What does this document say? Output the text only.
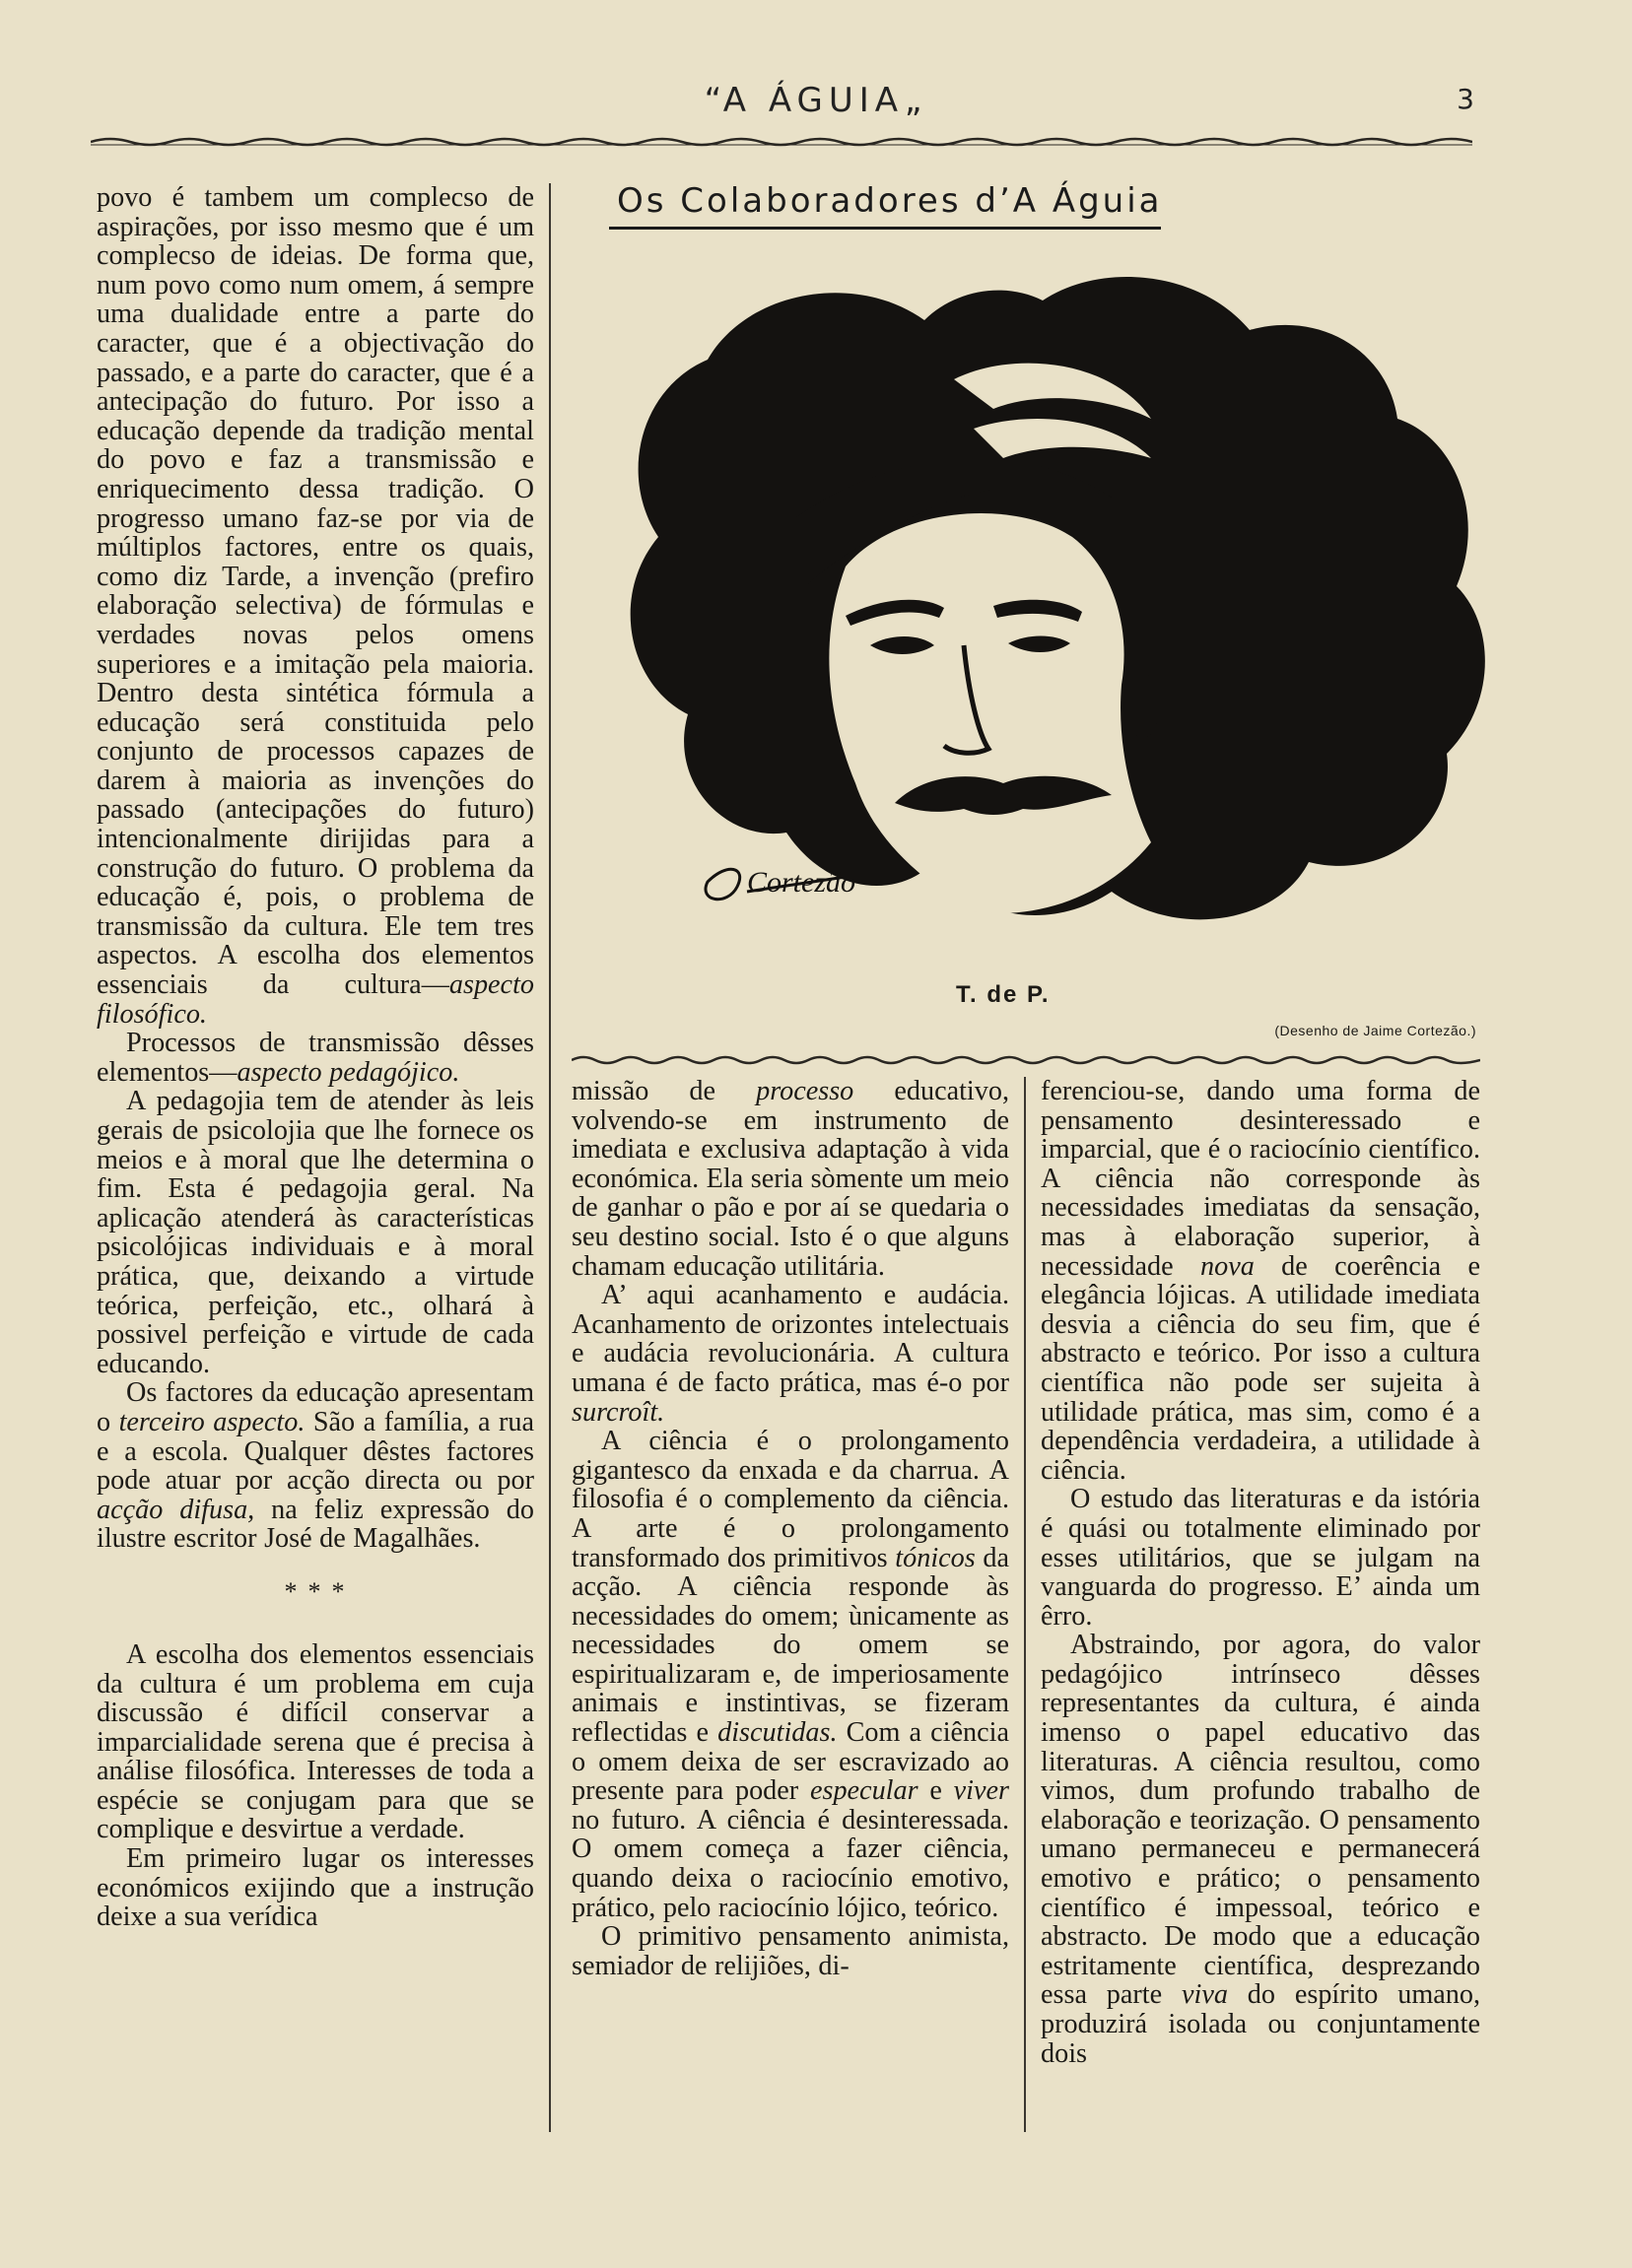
“A ÁGUIA„	3

povo é tambem um complecso de aspirações, por isso mesmo que é um complecso de ideias. De forma que, num povo como num omem, á sempre uma dualidade entre a parte do caracter, que é a objectivação do passado, e a parte do caracter, que é a antecipação do futuro. Por isso a educação depende da tradição mental do povo e faz a transmissão e enriquecimento dessa tradição. O progresso umano faz-se por via de múltiplos factores, entre os quais, como diz Tarde, a invenção (prefiro elaboração selectiva) de fórmulas e verdades novas pelos omens superiores e a imitação pela maioria. Dentro desta sintética fórmula a educação será constituida pelo conjunto de processos capazes de darem à maioria as invenções do passado (antecipações do futuro) intencionalmente dirijidas para a construção do futuro. O problema da educação é, pois, o problema de transmissão da cultura. Ele tem tres aspectos. A escolha dos elementos essenciais da cultura—aspecto filosófico.

Processos de transmissão dêsses elementos—aspecto pedagójico.

A pedagojia tem de atender às leis gerais de psicolojia que lhe fornece os meios e à moral que lhe determina o fim. Esta é pedagojia geral. Na aplicação atenderá às características psicolójicas individuais e à moral prática, que, deixando a virtude teórica, perfeição, etc., olhará à possivel perfeição e virtude de cada educando.

Os factores da educação apresentam o terceiro aspecto. São a família, a rua e a escola. Qualquer dêstes factores pode atuar por acção directa ou por acção difusa, na feliz expressão do ilustre escritor José de Magalhães.

* * *

A escolha dos elementos essenciais da cultura é um problema em cuja discussão é difícil conservar a imparcialidade serena que é precisa à análise filosófica. Interesses de toda a espécie se conjugam para que se complique e desvirtue a verdade.

Em primeiro lugar os interesses económicos exijindo que a instrução deixe a sua verídica

Os Colaboradores d’A Águia
Cortezão
T. de P.
(Desenho de Jaime Cortezão.)

missão de processo educativo, volvendo-se em instrumento de imediata e exclusiva adaptação à vida económica. Ela seria sòmente um meio de ganhar o pão e por aí se quedaria o seu destino social. Isto é o que alguns chamam educação utilitária.

A’ aqui acanhamento e audácia. Acanhamento de orizontes intelectuais e audácia revolucionária. A cultura umana é de facto prática, mas é-o por surcroît.

A ciência é o prolongamento gigantesco da enxada e da charrua. A filosofia é o complemento da ciência. A arte é o prolongamento transformado dos primitivos tónicos da acção. A ciência responde às necessidades do omem; ùnicamente as necessidades do omem se espiritualizaram e, de imperiosamente animais e instintivas, se fizeram reflectidas e discutidas. Com a ciência o omem deixa de ser escravizado ao presente para poder especular e viver no futuro. A ciência é desinteressada. O omem começa a fazer ciência, quando deixa o raciocínio emotivo, prático, pelo raciocínio lójico, teórico.

O primitivo pensamento animista, semiador de relijiões, di-

ferenciou-se, dando uma forma de pensamento desinteressado e imparcial, que é o raciocínio científico. A ciência não corresponde às necessidades imediatas da sensação, mas à elaboração superior, à necessidade nova de coerência e elegância lójicas. A utilidade imediata desvia a ciência do seu fim, que é abstracto e teórico. Por isso a cultura científica não pode ser sujeita à utilidade prática, mas sim, como é a dependência verdadeira, a utilidade à ciência.

O estudo das literaturas e da istória é quási ou totalmente eliminado por esses utilitários, que se julgam na vanguarda do progresso. E’ ainda um êrro.

Abstraindo, por agora, do valor pedagójico intrínseco dêsses representantes da cultura, é ainda imenso o papel educativo das literaturas. A ciência resultou, como vimos, dum profundo trabalho de elaboração e teorização. O pensamento umano permaneceu e permanecerá emotivo e prático; o pensamento científico é impessoal, teórico e abstracto. De modo que a educação estritamente científica, desprezando essa parte viva do espírito umano, produzirá isolada ou conjuntamente dois
